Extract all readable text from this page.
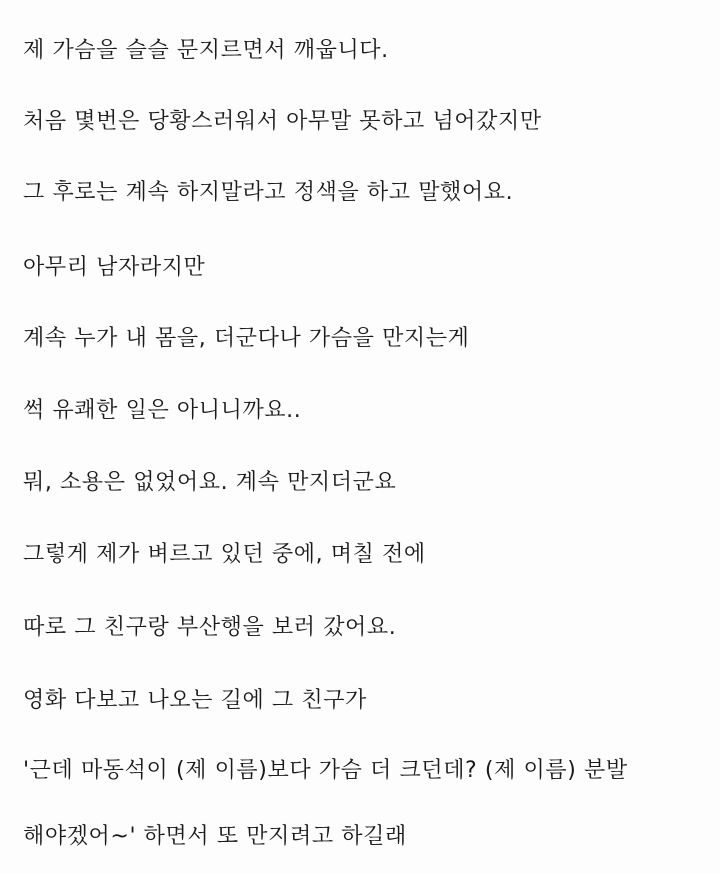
제 가슴을 슬슬 문지르면서 깨웁니다.

처음 몇번은 당황스러워서 아무말 못하고 넘어갔지만

그 후로는 계속 하지말라고 정색을 하고 말했어요.

아무리 남자라지만

계속 누가 내 몸을, 더군다나 가슴을 만지는게

썩 유쾌한 일은 아니니까요..

뭐, 소용은 없었어요. 계속 만지더군요

그렇게 제가 벼르고 있던 중에, 며칠 전에

따로 그 친구랑 부산행을 보러 갔어요.

영화 다보고 나오는 길에 그 친구가

'근데 마동석이 (제 이름)보다 가슴 더 크던데? (제 이름) 분발

해야겠어~' 하면서 또 만지려고 하길래
